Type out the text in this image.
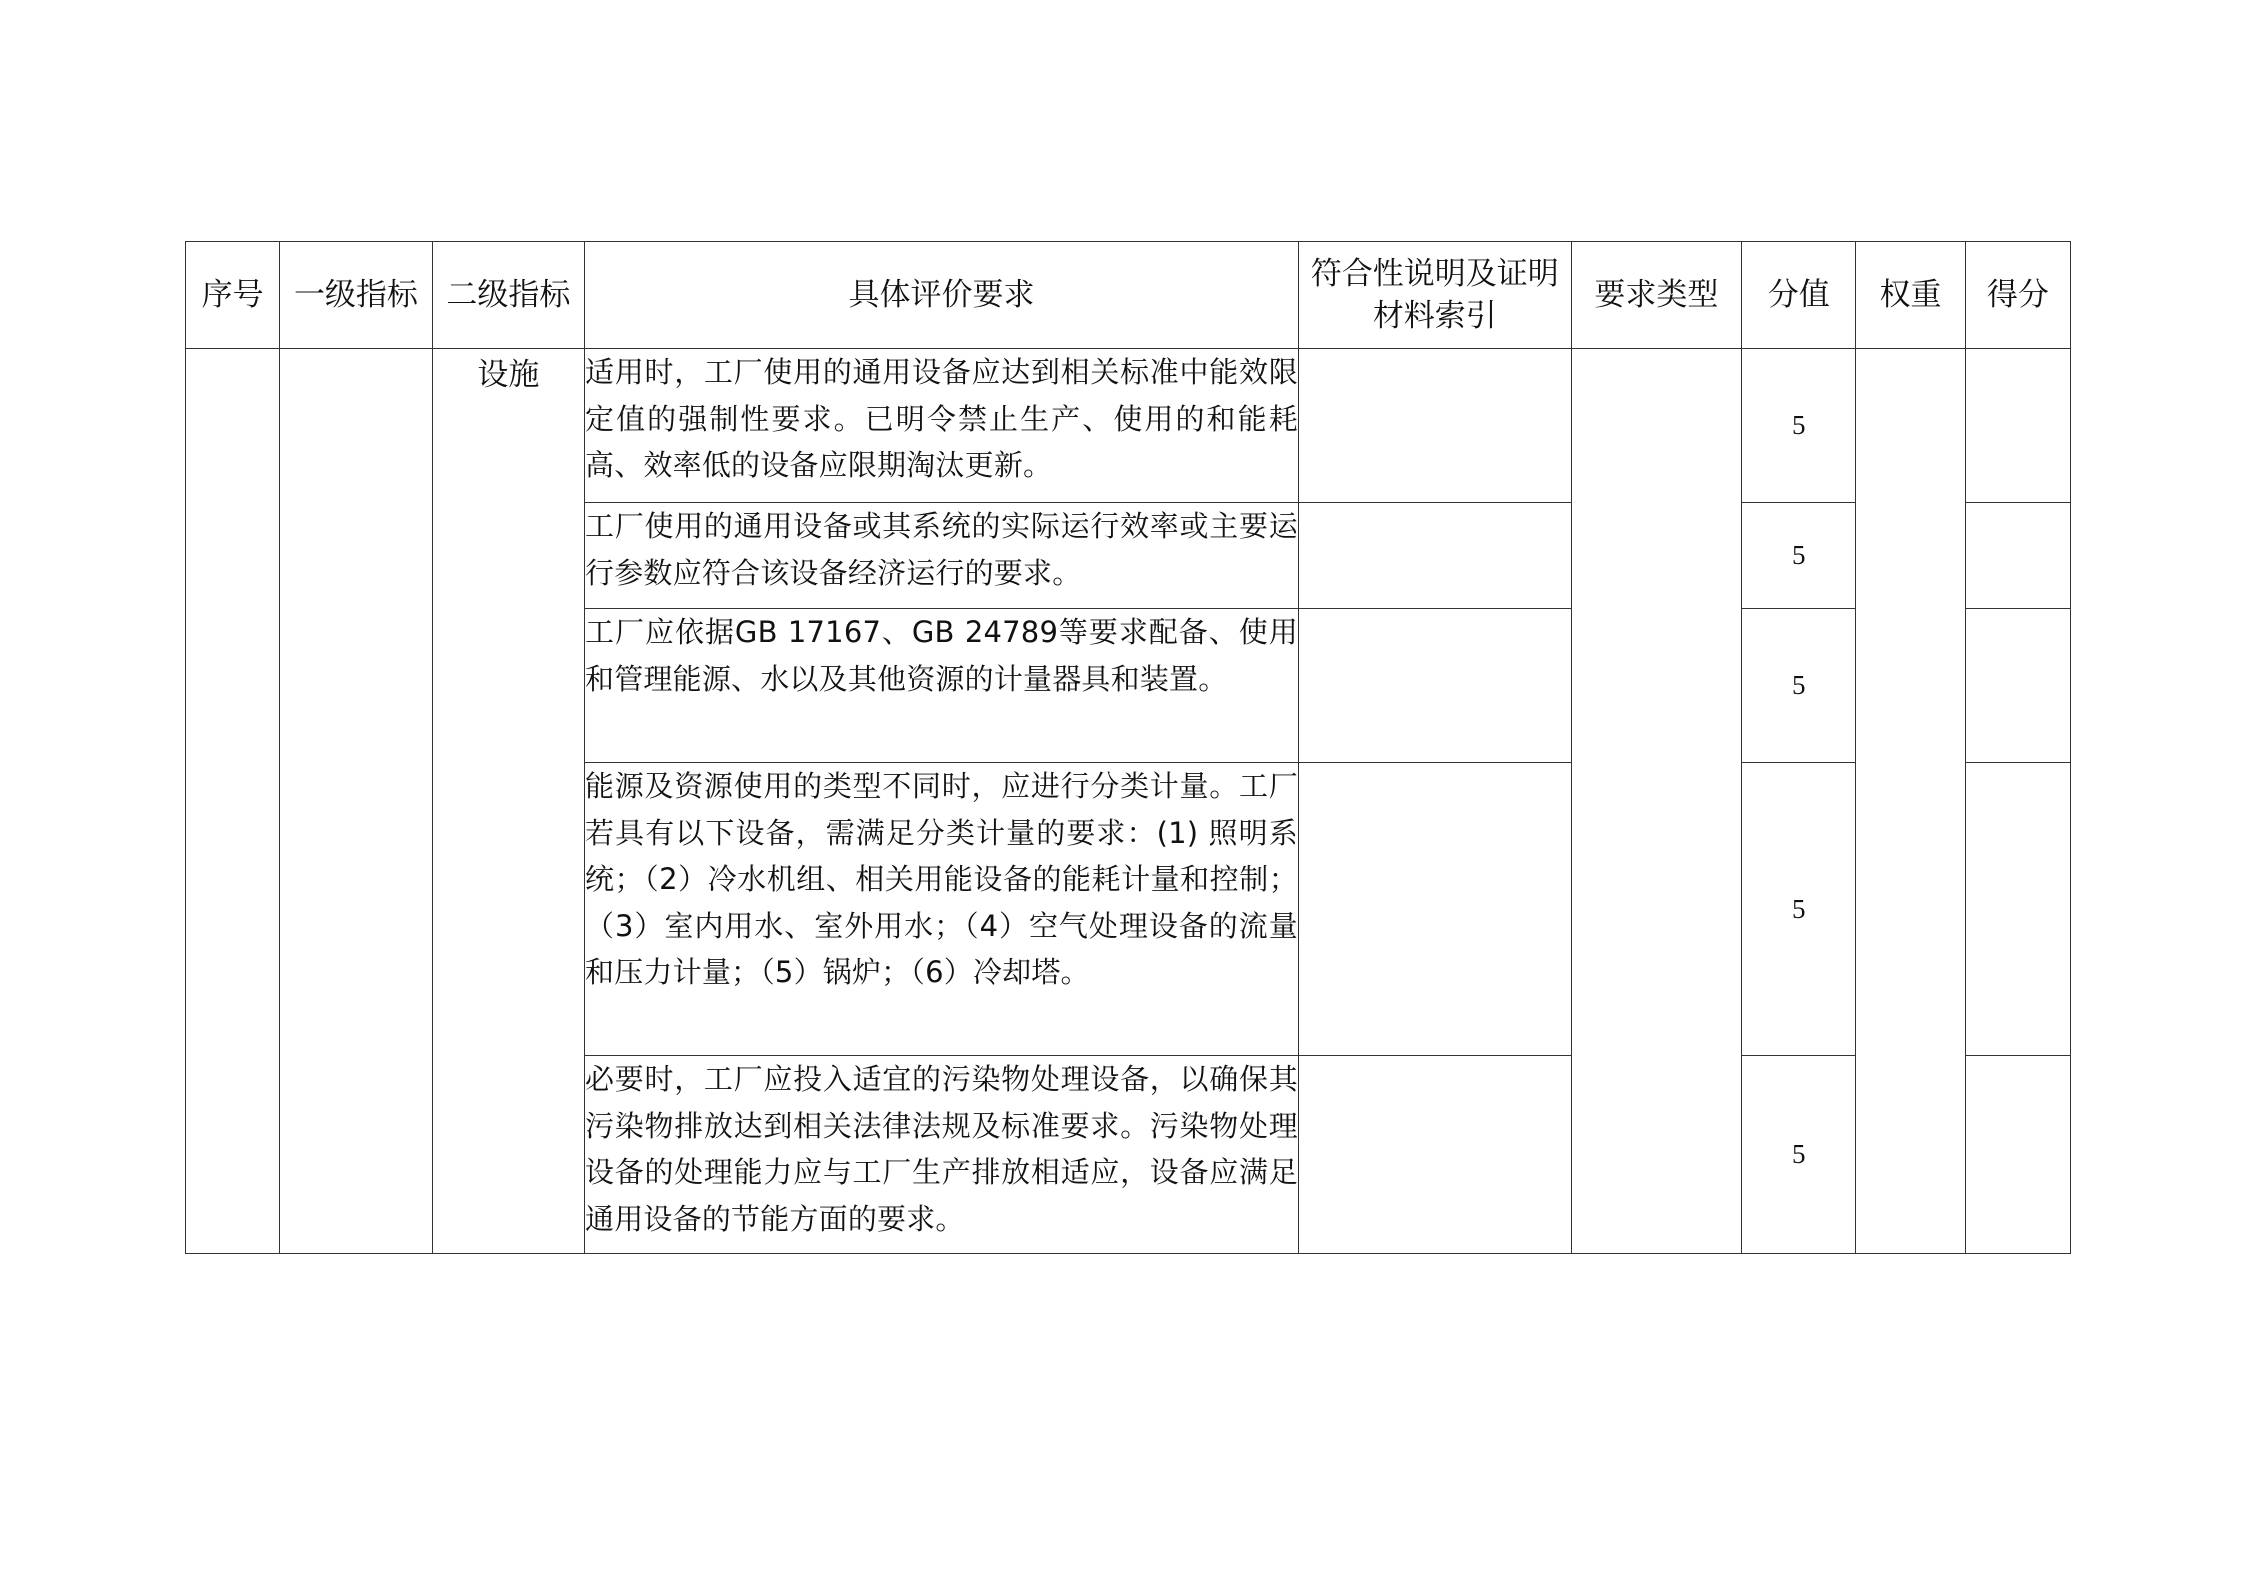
序号	一级指标	二级指标	具体评价要求	符合性说明及证明材料索引	要求类型	分值	权重	得分
		设施	适用时，工厂使用的通用设备应达到相关标准中能效限定值的强制性要求。已明令禁止生产、使用的和能耗高、效率低的设备应限期淘汰更新。			5		
			工厂使用的通用设备或其系统的实际运行效率或主要运行参数应符合该设备经济运行的要求。			5		
			工厂应依据GB 17167、GB 24789等要求配备、使用和管理能源、水以及其他资源的计量器具和装置。			5		
			能源及资源使用的类型不同时，应进行分类计量。工厂若具有以下设备，需满足分类计量的要求：(1) 照明系统；（2）冷水机组、相关用能设备的能耗计量和控制；（3）室内用水、室外用水；（4）空气处理设备的流量和压力计量；（5）锅炉；（6）冷却塔。			5		
			必要时，工厂应投入适宜的污染物处理设备，以确保其污染物排放达到相关法律法规及标准要求。污染物处理设备的处理能力应与工厂生产排放相适应，设备应满足通用设备的节能方面的要求。			5		
